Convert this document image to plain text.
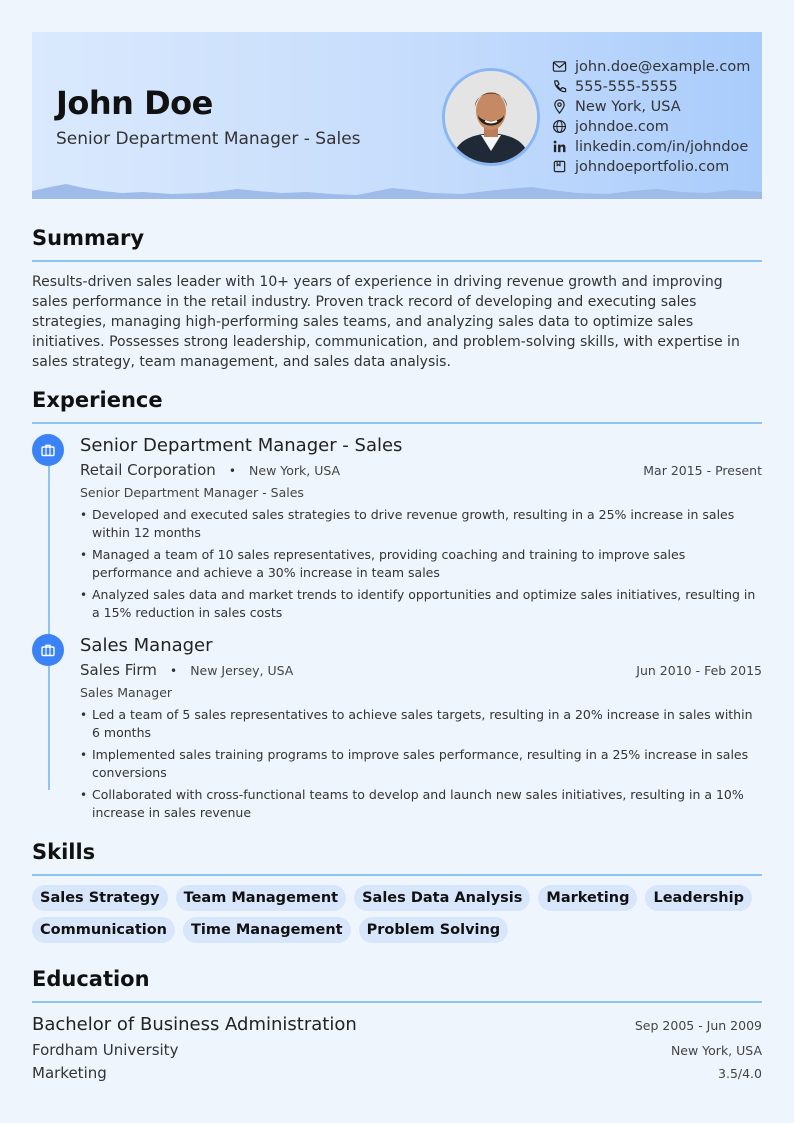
John Doe
Senior Department Manager - Sales
john.doe@example.com
555-555-5555
New York, USA
johndoe.com
linkedin.com/in/johndoe
johndoeportfolio.com
Summary
Results-driven sales leader with 10+ years of experience in driving revenue growth and improving sales performance in the retail industry. Proven track record of developing and executing sales strategies, managing high-performing sales teams, and analyzing sales data to optimize sales initiatives. Possesses strong leadership, communication, and problem-solving skills, with expertise in sales strategy, team management, and sales data analysis.
Experience
Senior Department Manager - Sales
Retail Corporation • New York, USA	Mar 2015 - Present
Senior Department Manager - Sales
• Developed and executed sales strategies to drive revenue growth, resulting in a 25% increase in sales within 12 months
• Managed a team of 10 sales representatives, providing coaching and training to improve sales performance and achieve a 30% increase in team sales
• Analyzed sales data and market trends to identify opportunities and optimize sales initiatives, resulting in a 15% reduction in sales costs
Sales Manager
Sales Firm • New Jersey, USA	Jun 2010 - Feb 2015
Sales Manager
• Led a team of 5 sales representatives to achieve sales targets, resulting in a 20% increase in sales within 6 months
• Implemented sales training programs to improve sales performance, resulting in a 25% increase in sales conversions
• Collaborated with cross-functional teams to develop and launch new sales initiatives, resulting in a 10% increase in sales revenue
Skills
Sales Strategy	Team Management	Sales Data Analysis	Marketing	Leadership
Communication	Time Management	Problem Solving
Education
Bachelor of Business Administration	Sep 2005 - Jun 2009
Fordham University	New York, USA
Marketing	3.5/4.0
